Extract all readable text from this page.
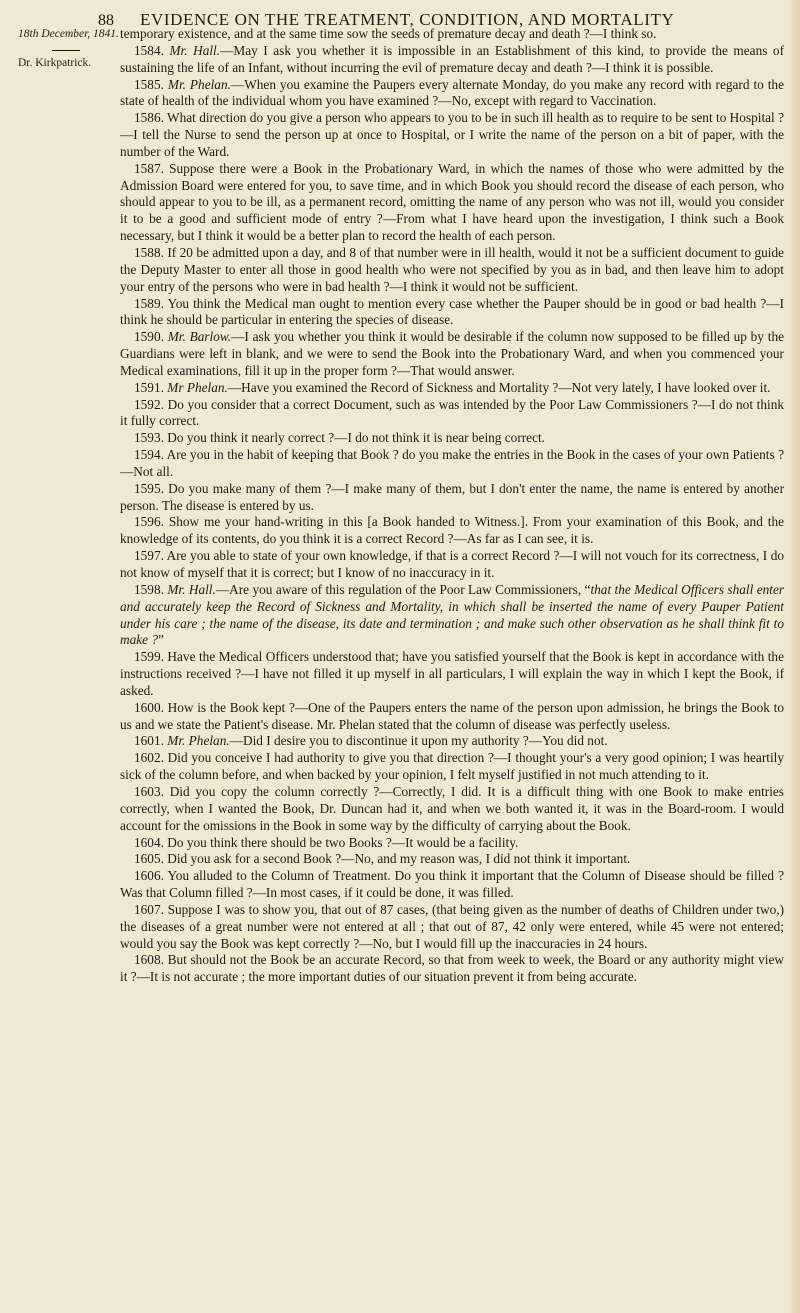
88 EVIDENCE ON THE TREATMENT, CONDITION, AND MORTALITY
18th December, 1841.
Dr. Kirkpatrick.

temporary existence, and at the same time sow the seeds of premature decay and death ?—I think so.

1584. Mr. Hall.—May I ask you whether it is impossible in an Establishment of this kind, to provide the means of sustaining the life of an Infant, without incurring the evil of premature decay and death ?—I think it is possible.

1585. Mr. Phelan.—When you examine the Paupers every alternate Monday, do you make any record with regard to the state of health of the individual whom you have examined ?—No, except with regard to Vaccination.

1586. What direction do you give a person who appears to you to be in such ill health as to require to be sent to Hospital ?—I tell the Nurse to send the person up at once to Hospital, or I write the name of the person on a bit of paper, with the number of the Ward.

1587. Suppose there were a Book in the Probationary Ward, in which the names of those who were admitted by the Admission Board were entered for you, to save time, and in which Book you should record the disease of each person, who should appear to you to be ill, as a permanent record, omitting the name of any person who was not ill, would you consider it to be a good and sufficient mode of entry ?—From what I have heard upon the investigation, I think such a Book necessary, but I think it would be a better plan to record the health of each person.

1588. If 20 be admitted upon a day, and 8 of that number were in ill health, would it not be a sufficient document to guide the Deputy Master to enter all those in good health who were not specified by you as in bad, and then leave him to adopt your entry of the persons who were in bad health ?—I think it would not be sufficient.

1589. You think the Medical man ought to mention every case whether the Pauper should be in good or bad health ?—I think he should be particular in entering the species of disease.

1590. Mr. Barlow.—I ask you whether you think it would be desirable if the column now supposed to be filled up by the Guardians were left in blank, and we were to send the Book into the Probationary Ward, and when you commenced your Medical examinations, fill it up in the proper form ?—That would answer.

1591. Mr Phelan.—Have you examined the Record of Sickness and Mortality ?—Not very lately, I have looked over it.

1592. Do you consider that a correct Document, such as was intended by the Poor Law Commissioners ?—I do not think it fully correct.

1593. Do you think it nearly correct ?—I do not think it is near being correct.

1594. Are you in the habit of keeping that Book ? do you make the entries in the Book in the cases of your own Patients ?—Not all.

1595. Do you make many of them ?—I make many of them, but I don't enter the name, the name is entered by another person. The disease is entered by us.

1596. Show me your hand-writing in this [a Book handed to Witness.]. From your examination of this Book, and the knowledge of its contents, do you think it is a correct Record ?—As far as I can see, it is.

1597. Are you able to state of your own knowledge, if that is a correct Record ?—I will not vouch for its correctness, I do not know of myself that it is correct; but I know of no inaccuracy in it.

1598. Mr. Hall.—Are you aware of this regulation of the Poor Law Commissioners, “that the Medical Officers shall enter and accurately keep the Record of Sickness and Mortality, in which shall be inserted the name of every Pauper Patient under his care ; the name of the disease, its date and termination ; and make such other observation as he shall think fit to make ?”

1599. Have the Medical Officers understood that; have you satisfied yourself that the Book is kept in accordance with the instructions received ?—I have not filled it up myself in all particulars, I will explain the way in which I kept the Book, if asked.

1600. How is the Book kept ?—One of the Paupers enters the name of the person upon admission, he brings the Book to us and we state the Patient's disease. Mr. Phelan stated that the column of disease was perfectly useless.

1601. Mr. Phelan.—Did I desire you to discontinue it upon my authority ?—You did not.

1602. Did you conceive I had authority to give you that direction ?—I thought your's a very good opinion; I was heartily sick of the column before, and when backed by your opinion, I felt myself justified in not much attending to it.

1603. Did you copy the column correctly ?—Correctly, I did. It is a difficult thing with one Book to make entries correctly, when I wanted the Book, Dr. Duncan had it, and when we both wanted it, it was in the Board-room. I would account for the omissions in the Book in some way by the difficulty of carrying about the Book.

1604. Do you think there should be two Books ?—It would be a facility.

1605. Did you ask for a second Book ?—No, and my reason was, I did not think it important.

1606. You alluded to the Column of Treatment. Do you think it important that the Column of Disease should be filled ? Was that Column filled ?—In most cases, if it could be done, it was filled.

1607. Suppose I was to show you, that out of 87 cases, (that being given as the number of deaths of Children under two,) the diseases of a great number were not entered at all ; that out of 87, 42 only were entered, while 45 were not entered; would you say the Book was kept correctly ?—No, but I would fill up the inaccuracies in 24 hours.

1608. But should not the Book be an accurate Record, so that from week to week, the Board or any authority might view it ?—It is not accurate ; the more important duties of our situation prevent it from being accurate.
